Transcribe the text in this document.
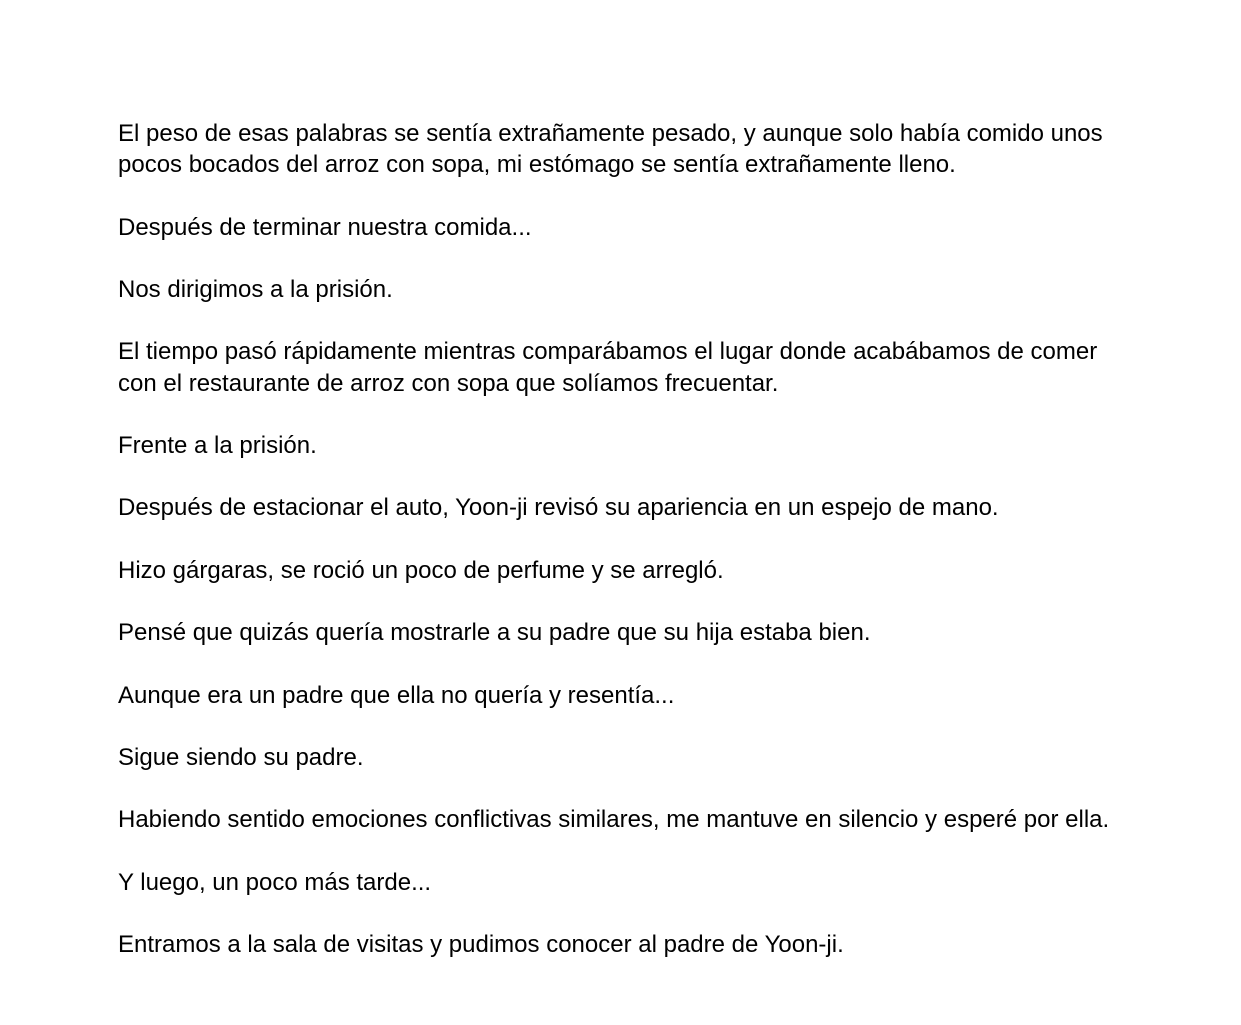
El peso de esas palabras se sentía extrañamente pesado, y aunque solo había comido unos pocos bocados del arroz con sopa, mi estómago se sentía extrañamente lleno.

Después de terminar nuestra comida...

Nos dirigimos a la prisión.

El tiempo pasó rápidamente mientras comparábamos el lugar donde acabábamos de comer con el restaurante de arroz con sopa que solíamos frecuentar.

Frente a la prisión.

Después de estacionar el auto, Yoon-ji revisó su apariencia en un espejo de mano.

Hizo gárgaras, se roció un poco de perfume y se arregló.

Pensé que quizás quería mostrarle a su padre que su hija estaba bien.

Aunque era un padre que ella no quería y resentía...

Sigue siendo su padre.

Habiendo sentido emociones conflictivas similares, me mantuve en silencio y esperé por ella.

Y luego, un poco más tarde...

Entramos a la sala de visitas y pudimos conocer al padre de Yoon-ji.
